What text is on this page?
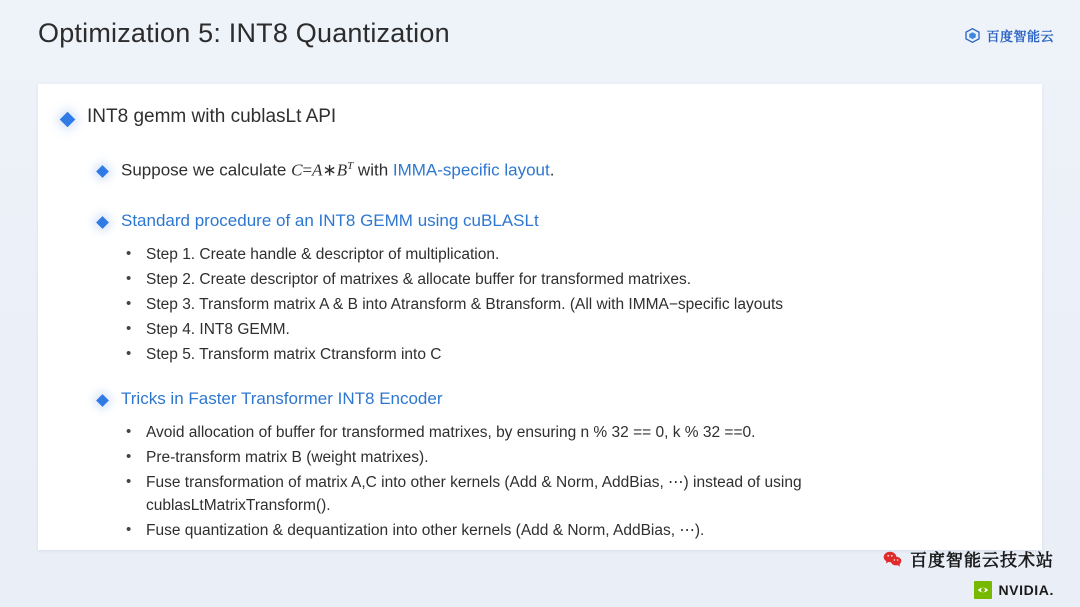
Optimization 5: INT8 Quantization	百度智能云
INT8 gemm with cublasLt API
Suppose we calculate $C=A∗B^T$ with IMMA-specific layout.
Standard procedure of an INT8 GEMM using cuBLASLt
• Step 1. Create handle & descriptor of multiplication.
• Step 2. Create descriptor of matrixes & allocate buffer for transformed matrixes.
• Step 3. Transform matrix A & B into Atransform & Btransform. (All with IMMA−specific layouts
• Step 4. INT8 GEMM.
• Step 5. Transform matrix Ctransform into C
Tricks in Faster Transformer INT8 Encoder
• Avoid allocation of buffer for transformed matrixes, by ensuring n % 32 == 0, k % 32 ==0.
• Pre-transform matrix B (weight matrixes).
• Fuse transformation of matrix A,C into other kernels (Add & Norm, AddBias, ⋯) instead of using cublasLtMatrixTransform().
• Fuse quantization & dequantization into other kernels (Add & Norm, AddBias, ⋯).
百度智能云技术站
NVIDIA.
